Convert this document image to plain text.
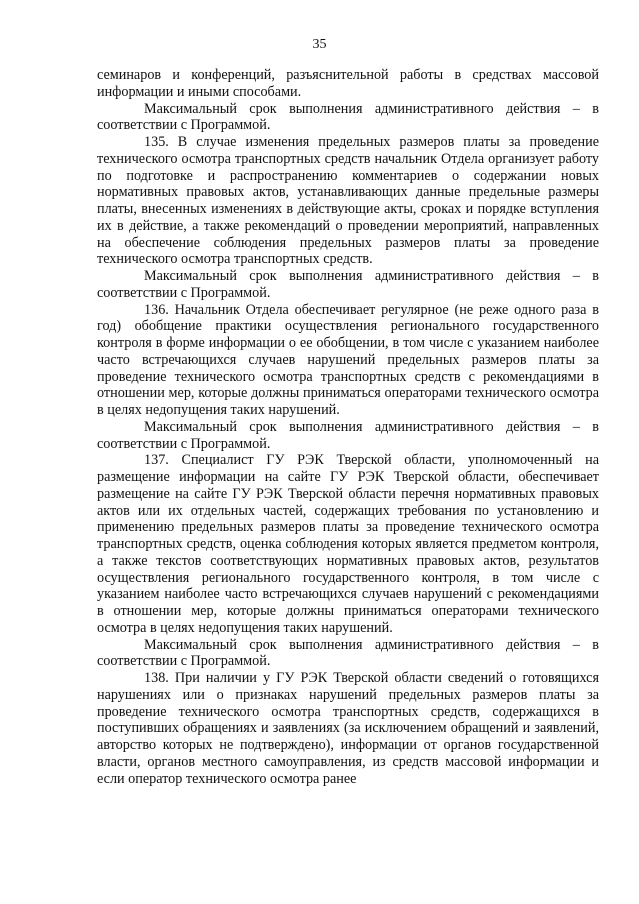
35

семинаров и конференций, разъяснительной работы в средствах массовой информации и иными способами.

Максимальный срок выполнения административного действия – в соответствии с Программой.

135. В случае изменения предельных размеров платы за проведение технического осмотра транспортных средств начальник Отдела организует работу по подготовке и распространению комментариев о содержании новых нормативных правовых актов, устанавливающих данные предельные размеры платы, внесенных изменениях в действующие акты, сроках и порядке вступления их в действие, а также рекомендаций о проведении мероприятий, направленных на обеспечение соблюдения предельных размеров платы за проведение технического осмотра транспортных средств.

Максимальный срок выполнения административного действия – в соответствии с Программой.

136. Начальник Отдела обеспечивает регулярное (не реже одного раза в год) обобщение практики осуществления регионального государственного контроля в форме информации о ее обобщении, в том числе с указанием наиболее часто встречающихся случаев нарушений предельных размеров платы за проведение технического осмотра транспортных средств с рекомендациями в отношении мер, которые должны приниматься операторами технического осмотра в целях недопущения таких нарушений.

Максимальный срок выполнения административного действия – в соответствии с Программой.

137. Специалист ГУ РЭК Тверской области, уполномоченный на размещение информации на сайте ГУ РЭК Тверской области, обеспечивает размещение на сайте ГУ РЭК Тверской области перечня нормативных правовых актов или их отдельных частей, содержащих требования по установлению и применению предельных размеров платы за проведение технического осмотра транспортных средств, оценка соблюдения которых является предметом контроля, а также текстов соответствующих нормативных правовых актов, результатов осуществления регионального государственного контроля, в том числе с указанием наиболее часто встречающихся случаев нарушений с рекомендациями в отношении мер, которые должны приниматься операторами технического осмотра в целях недопущения таких нарушений.

Максимальный срок выполнения административного действия – в соответствии с Программой.

138. При наличии у ГУ РЭК Тверской области сведений о готовящихся нарушениях или о признаках нарушений предельных размеров платы за проведение технического осмотра транспортных средств, содержащихся в поступивших обращениях и заявлениях (за исключением обращений и заявлений, авторство которых не подтверждено), информации от органов государственной власти, органов местного самоуправления, из средств массовой информации и если оператор технического осмотра ранее
